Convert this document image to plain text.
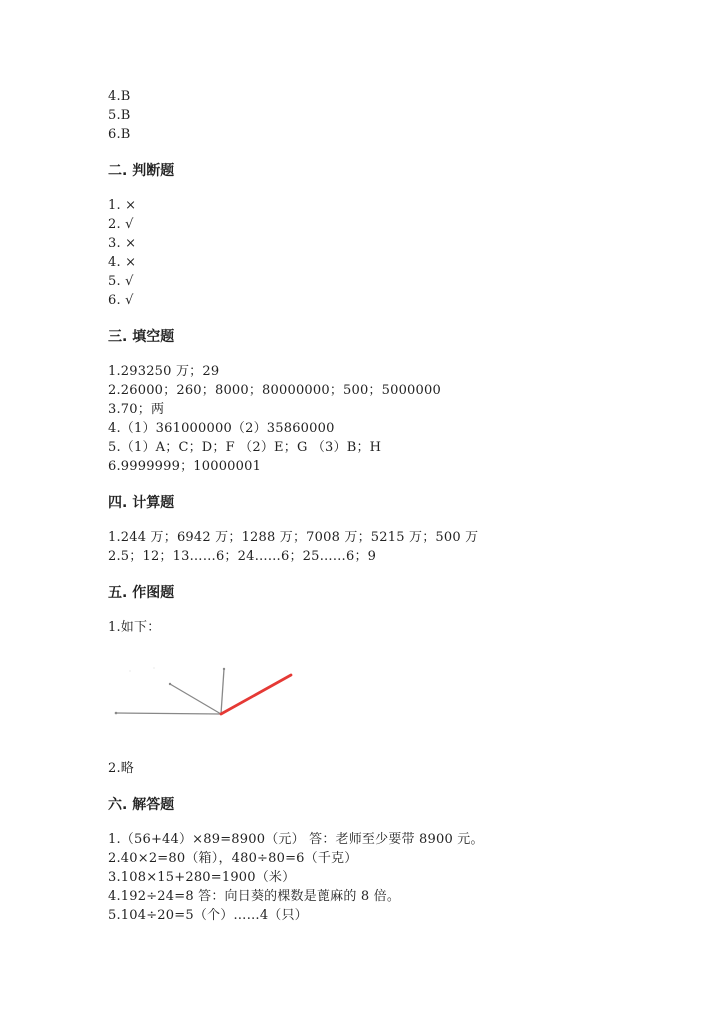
4.B
5.B
6.B
二. 判断题
1. ×
2. √
3. ×
4. ×
5. √
6. √
三. 填空题
1.293250 万；29
2.26000；260；8000；80000000；500；5000000
3.70；两
4.（1）361000000（2）35860000
5.（1）A；C；D；F （2）E；G （3）B；H
6.9999999；10000001
四. 计算题
1.244 万；6942 万；1288 万；7008 万；5215 万；500 万
2.5；12；13……6；24……6；25……6；9
五. 作图题
1.如下：
2.略
六. 解答题
1.（56+44）×89=8900（元） 答：老师至少要带 8900 元。
2.40×2=80（箱），480÷80=6（千克）
3.108×15+280=1900（米）
4.192÷24=8 答：向日葵的棵数是蓖麻的 8 倍。
5.104÷20=5（个）……4（只）
